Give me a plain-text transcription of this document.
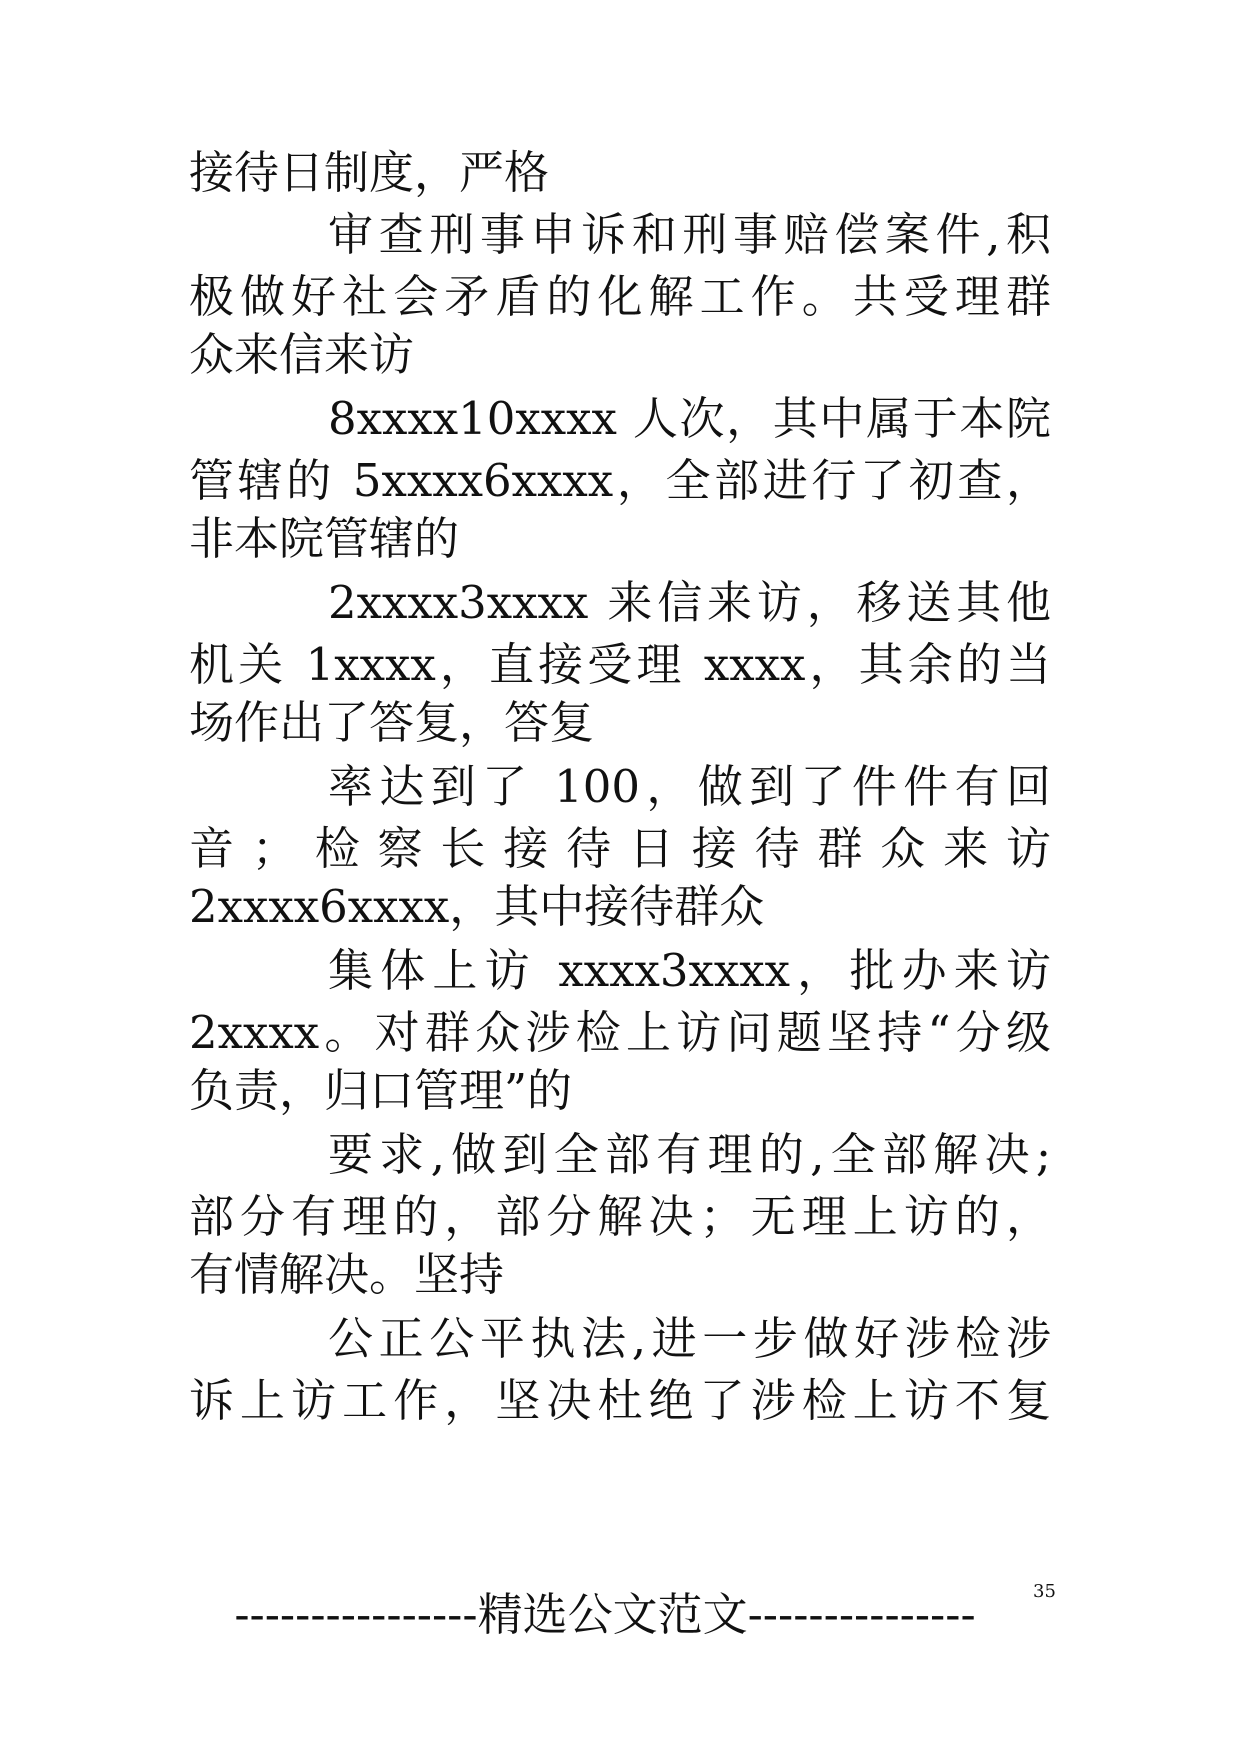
接待日制度，严格
审查刑事申诉和刑事赔偿案件,积
极做好社会矛盾的化解工作。共受理群
众来信来访
8xxxx10xxxx 人次，其中属于本院
管辖的 5xxxx6xxxx，全部进行了初查，
非本院管辖的
2xxxx3xxxx 来信来访，移送其他
机关 1xxxx，直接受理 xxxx，其余的当
场作出了答复，答复
率达到了 100，做到了件件有回
音；检察长接待日接待群众来访
2xxxx6xxxx，其中接待群众
集体上访 xxxx3xxxx，批办来访
2xxxx。对群众涉检上访问题坚持“分级
负责，归口管理”的
要求,做到全部有理的,全部解决;
部分有理的，部分解决；无理上访的，
有情解决。坚持
公正公平执法,进一步做好涉检涉
诉上访工作，坚决杜绝了涉检上访不复
----------------精选公文范文---------------	35
